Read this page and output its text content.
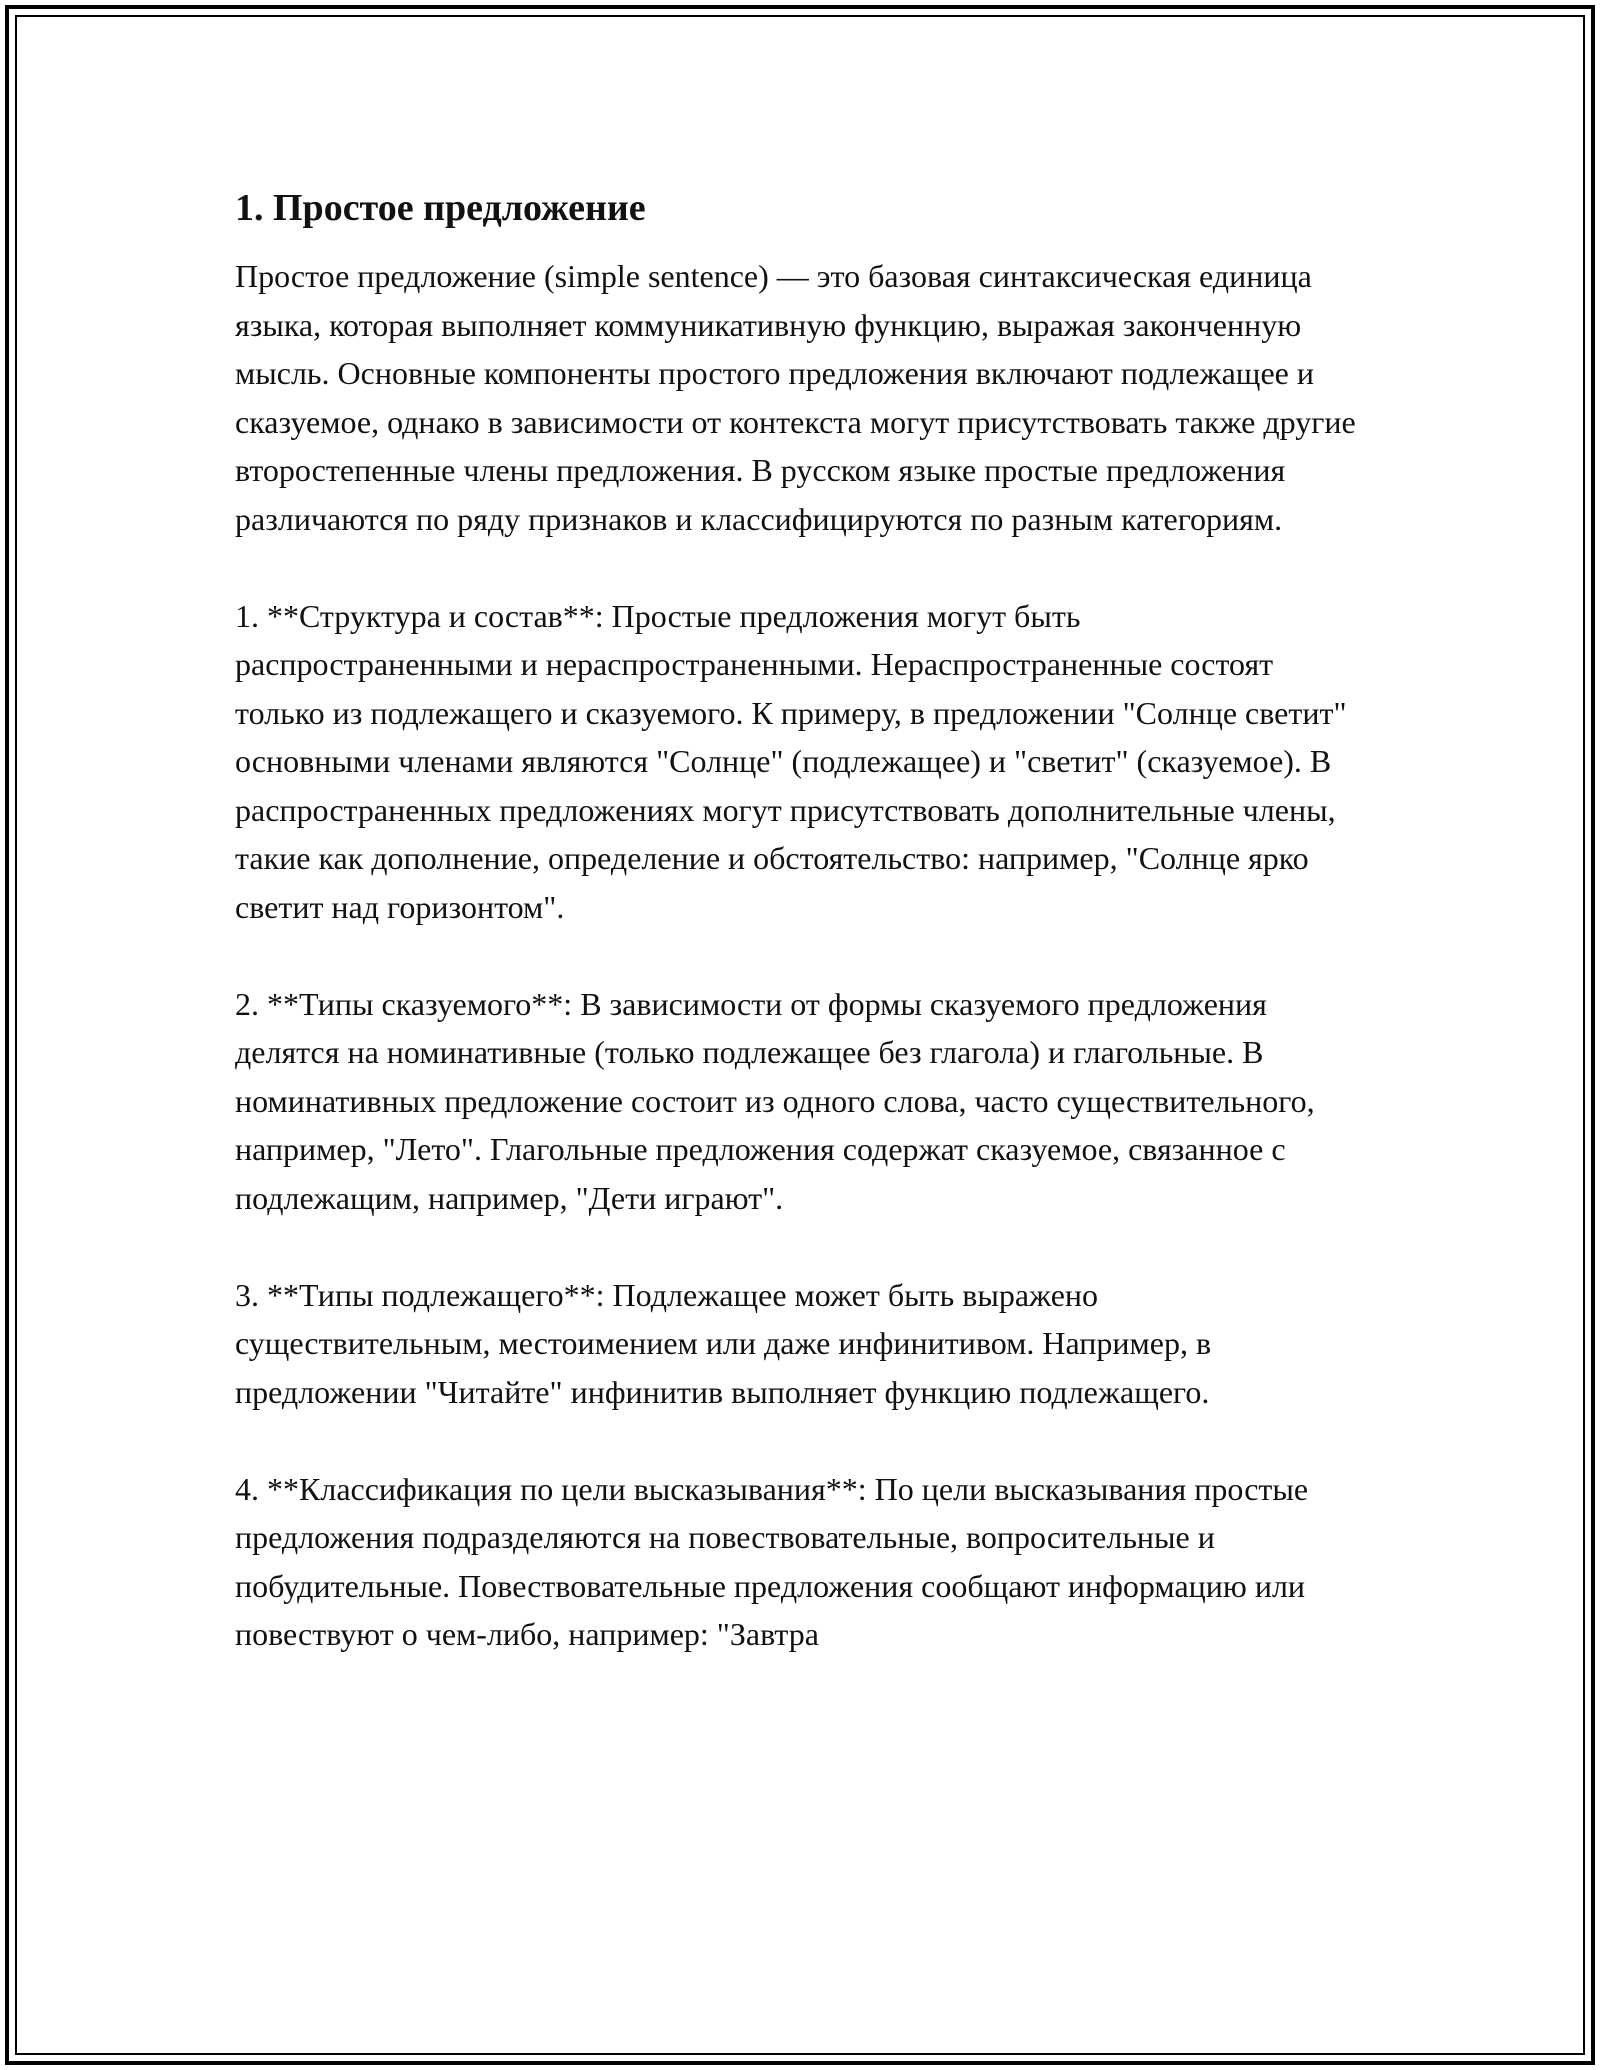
1. Простое предложение

Простое предложение (simple sentence) — это базовая синтаксическая единица языка, которая выполняет коммуникативную функцию, выражая законченную мысль. Основные компоненты простого предложения включают подлежащее и сказуемое, однако в зависимости от контекста могут присутствовать также другие второстепенные члены предложения. В русском языке простые предложения различаются по ряду признаков и классифицируются по разным категориям.

1. **Структура и состав**: Простые предложения могут быть распространенными и нераспространенными. Нераспространенные состоят только из подлежащего и сказуемого. К примеру, в предложении "Солнце светит" основными членами являются "Солнце" (подлежащее) и "светит" (сказуемое). В распространенных предложениях могут присутствовать дополнительные члены, такие как дополнение, определение и обстоятельство: например, "Солнце ярко светит над горизонтом".

2. **Типы сказуемого**: В зависимости от формы сказуемого предложения делятся на номинативные (только подлежащее без глагола) и глагольные. В номинативных предложение состоит из одного слова, часто существительного, например, "Лето". Глагольные предложения содержат сказуемое, связанное с подлежащим, например, "Дети играют".

3. **Типы подлежащего**: Подлежащее может быть выражено существительным, местоимением или даже инфинитивом. Например, в предложении "Читайте" инфинитив выполняет функцию подлежащего.

4. **Классификация по цели высказывания**: По цели высказывания простые предложения подразделяются на повествовательные, вопросительные и побудительные. Повествовательные предложения сообщают информацию или повествуют о чем-либо, например: "Завтра
